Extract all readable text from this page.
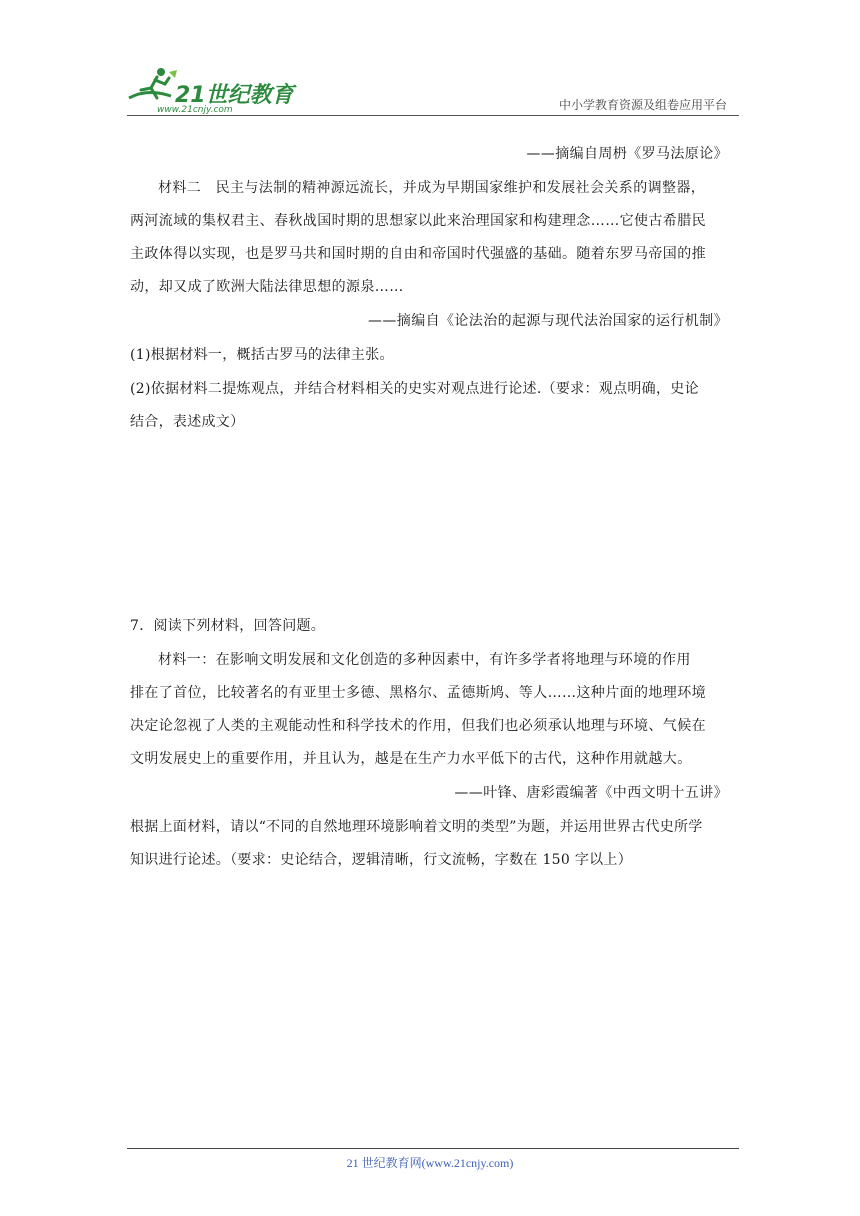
21世纪教育
www.21cnjy.com	中小学教育资源及组卷应用平台
——摘编自周枬《罗马法原论》
材料二　民主与法制的精神源远流长，并成为早期国家维护和发展社会关系的调整器，
两河流域的集权君主、春秋战国时期的思想家以此来治理国家和构建理念……它使古希腊民
主政体得以实现，也是罗马共和国时期的自由和帝国时代强盛的基础。随着东罗马帝国的推
动，却又成了欧洲大陆法律思想的源泉……
——摘编自《论法治的起源与现代法治国家的运行机制》
(1)根据材料一，概括古罗马的法律主张。
(2)依据材料二提炼观点，并结合材料相关的史实对观点进行论述.（要求：观点明确，史论
结合，表述成文）
7．阅读下列材料，回答问题。
材料一：在影响文明发展和文化创造的多种因素中，有许多学者将地理与环境的作用
排在了首位，比较著名的有亚里士多德、黑格尔、孟德斯鸠、等人……这种片面的地理环境
决定论忽视了人类的主观能动性和科学技术的作用，但我们也必须承认地理与环境、气候在
文明发展史上的重要作用，并且认为，越是在生产力水平低下的古代，这种作用就越大。
——叶锋、唐彩霞编著《中西文明十五讲》
根据上面材料，请以“不同的自然地理环境影响着文明的类型”为题，并运用世界古代史所学
知识进行论述。（要求：史论结合，逻辑清晰，行文流畅，字数在 150 字以上）
21 世纪教育网(www.21cnjy.com)
